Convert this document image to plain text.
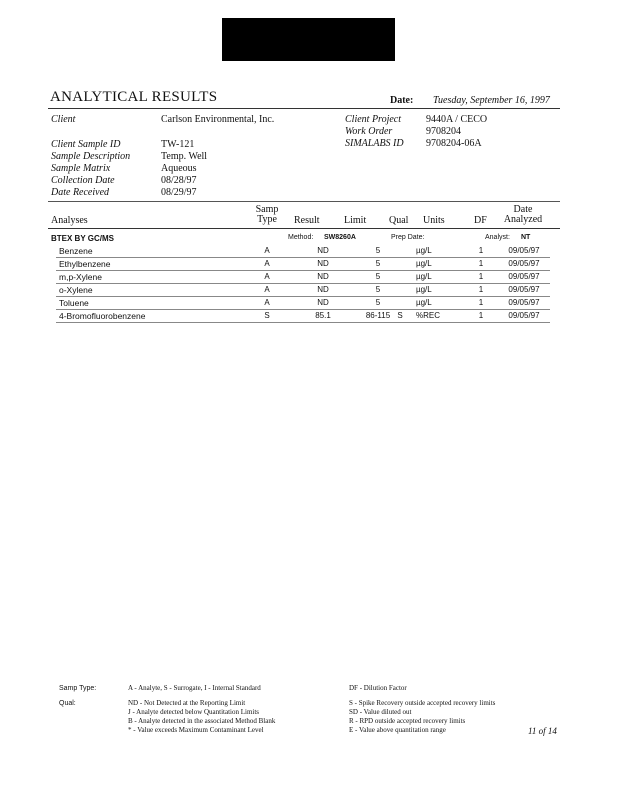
ANALYTICAL RESULTS	Date: Tuesday, September 16, 1997
Client	Carlson Environmental, Inc.	Client Project 9440A / CECO
Work Order	9708204
SIMALABS ID 9708204-06A
Client Sample ID	TW-121
Sample Description	Temp. Well
Sample Matrix	Aqueous
Collection Date	08/28/97
Date Received	08/29/97
Analyses
Samp
Type	Result Limit Qual Units	DF
Date
Analyzed
BTEX BY GC/MS	Method: SW8260A	Prep Date:	Analyst: NT
Benzene	A	ND	5	µg/L	1	09/05/97
Ethylbenzene	A	ND	5	µg/L	1	09/05/97
m,p-Xylene	A	ND	5	µg/L	1	09/05/97
o-Xylene	A	ND	5	µg/L	1	09/05/97
Toluene	A	ND	5	µg/L	1	09/05/97
4-Bromofluorobenzene	S	85.1	86-115 S	%REC	1	09/05/97
Samp Type:	A - Analyte, S - Surrogate, I - Internal Standard	DF - Dilution Factor
Qual:	ND - Not Detected at the Reporting Limit
J - Analyte detected below Quantitation Limits
B - Analyte detected in the associated Method Blank
* - Value exceeds Maximum Contaminant Level
S - Spike Recovery outside accepted recovery limits
SD - Value diluted out
R - RPD outside accepted recovery limits
E - Value above quantitation range	11 of 14
